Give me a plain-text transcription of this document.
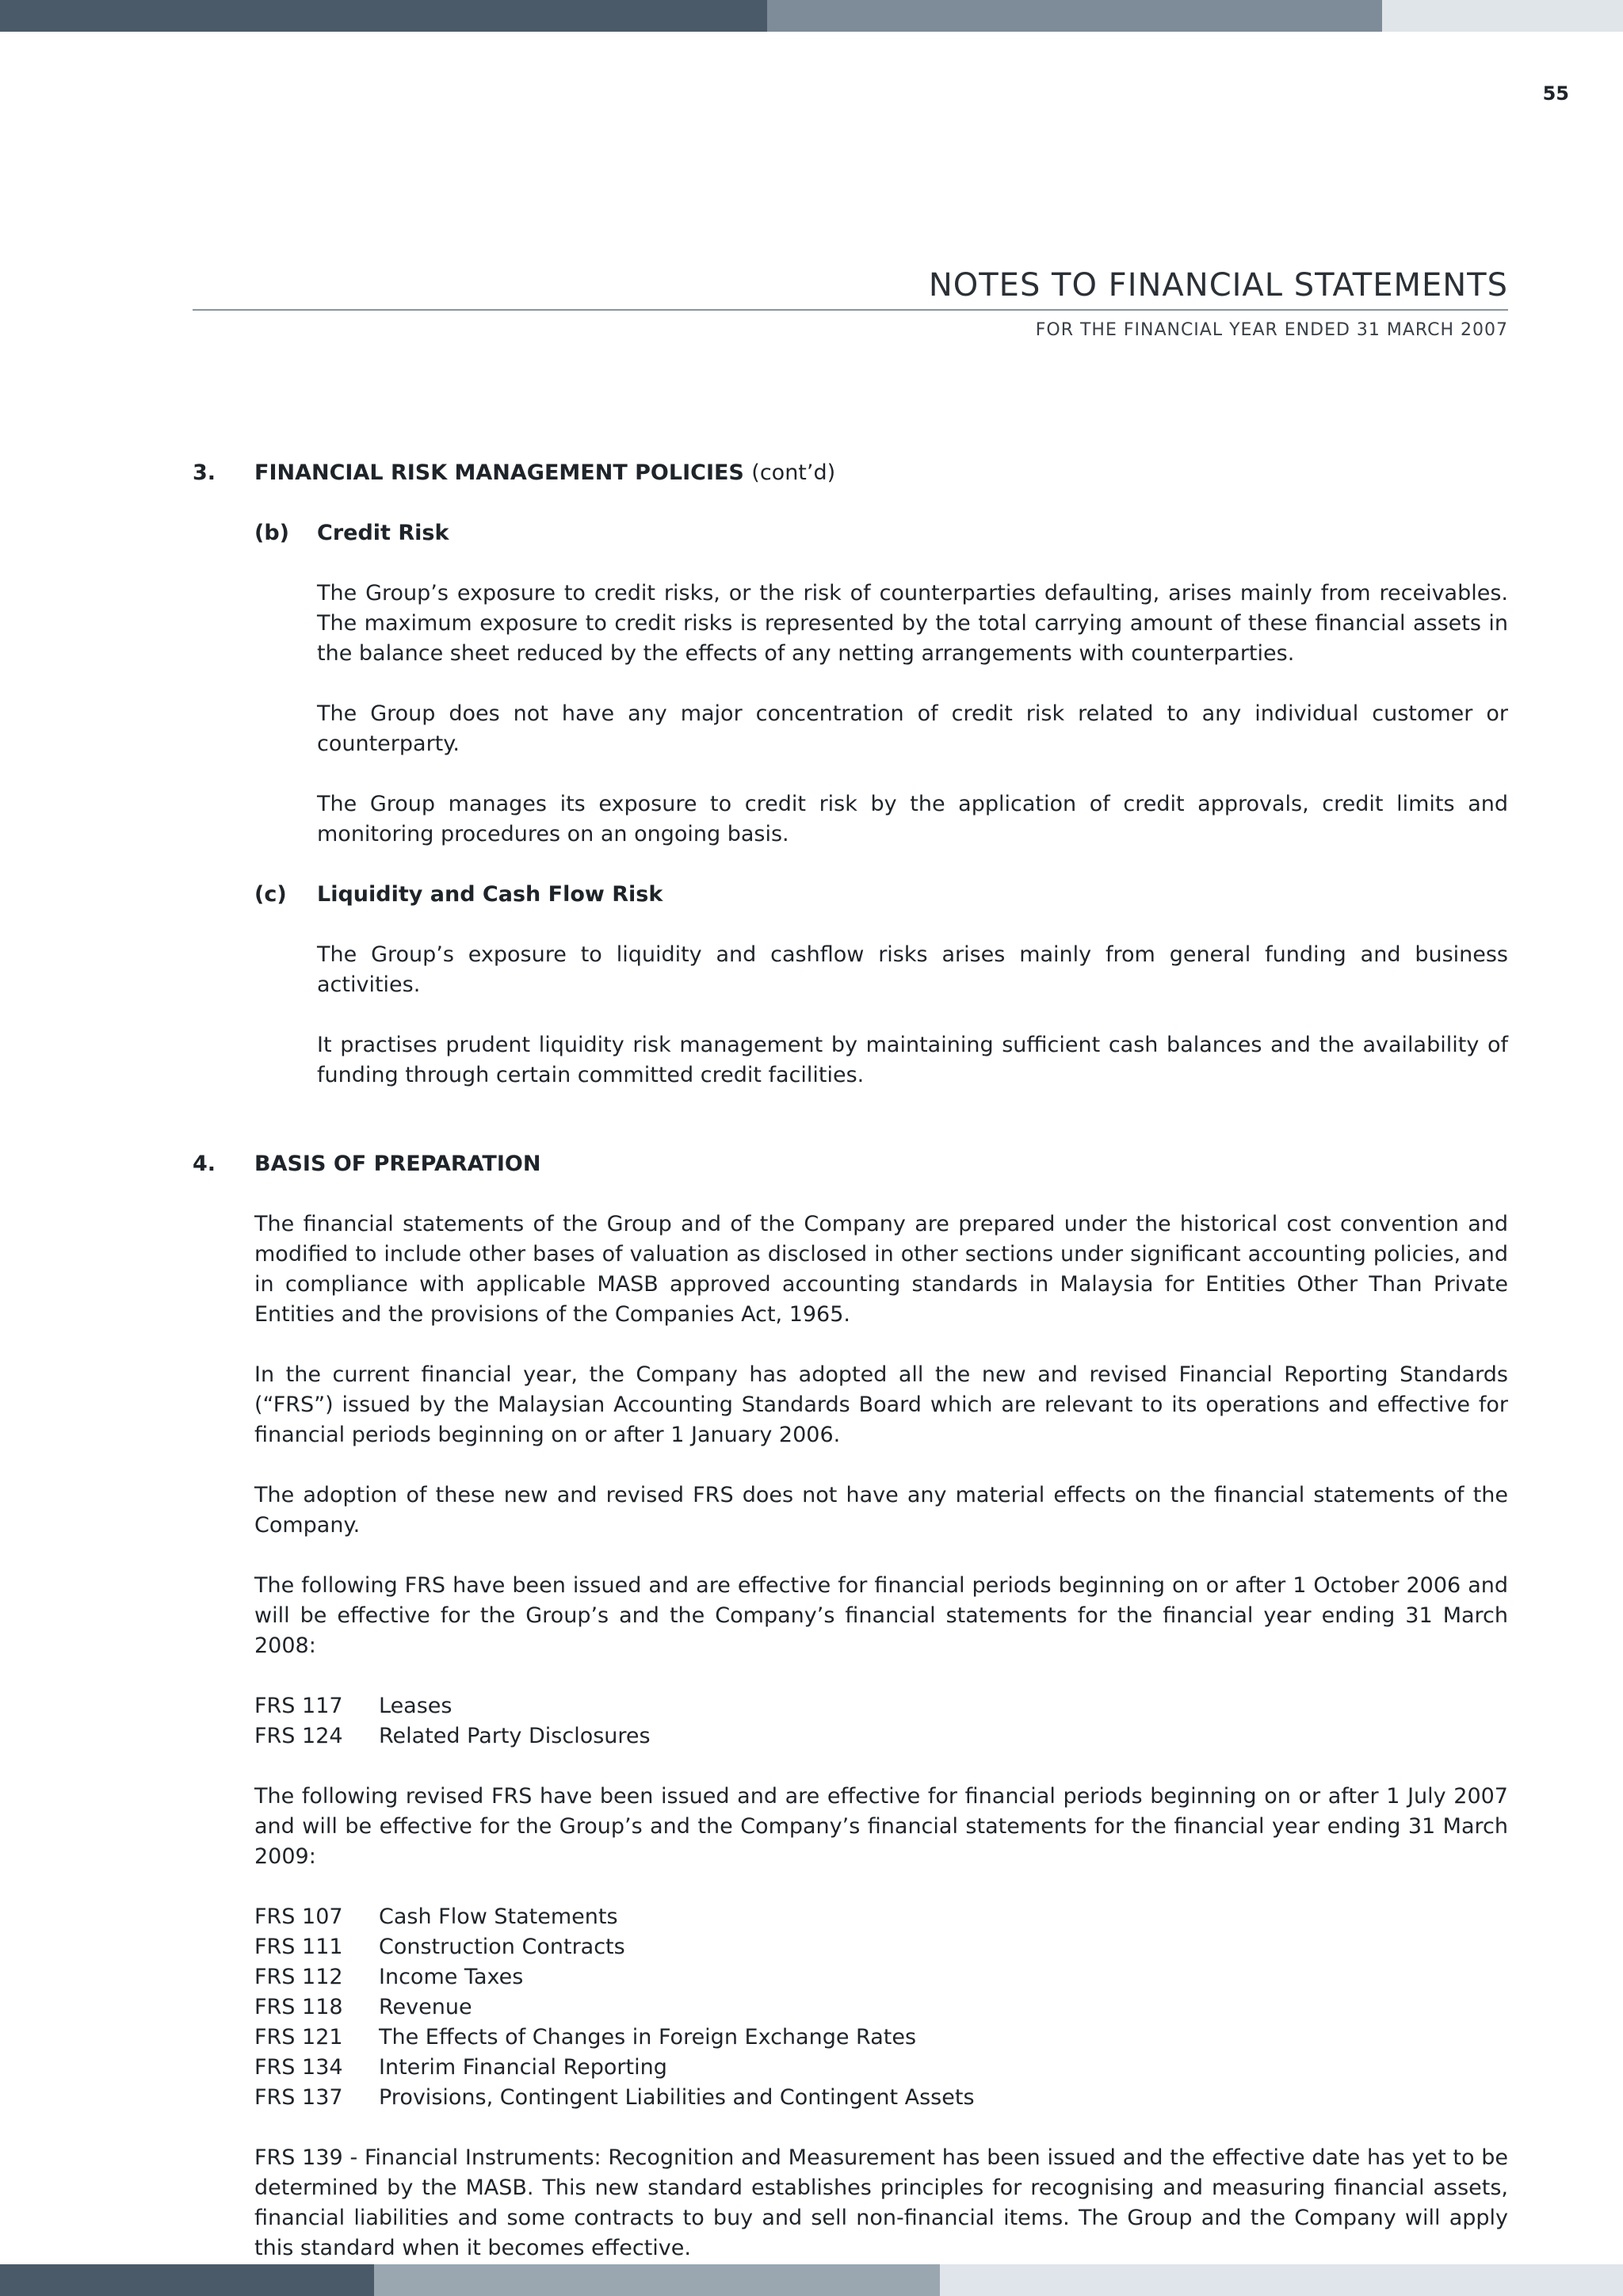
55
NOTES TO FINANCIAL STATEMENTS
FOR THE FINANCIAL YEAR ENDED 31 MARCH 2007
3. FINANCIAL RISK MANAGEMENT POLICIES (cont’d)
(b) Credit Risk

The Group’s exposure to credit risks, or the risk of counterparties defaulting, arises mainly from receivables. The maximum exposure to credit risks is represented by the total carrying amount of these financial assets in the balance sheet reduced by the effects of any netting arrangements with counterparties.

The Group does not have any major concentration of credit risk related to any individual customer or counterparty.

The Group manages its exposure to credit risk by the application of credit approvals, credit limits and monitoring procedures on an ongoing basis.

(c) Liquidity and Cash Flow Risk

The Group’s exposure to liquidity and cashflow risks arises mainly from general funding and business activities.

It practises prudent liquidity risk management by maintaining sufficient cash balances and the availability of funding through certain committed credit facilities.

4. BASIS OF PREPARATION

The financial statements of the Group and of the Company are prepared under the historical cost convention and modified to include other bases of valuation as disclosed in other sections under significant accounting policies, and in compliance with applicable MASB approved accounting standards in Malaysia for Entities Other Than Private Entities and the provisions of the Companies Act, 1965.

In the current financial year, the Company has adopted all the new and revised Financial Reporting Standards (“FRS”) issued by the Malaysian Accounting Standards Board which are relevant to its operations and effective for financial periods beginning on or after 1 January 2006.

The adoption of these new and revised FRS does not have any material effects on the financial statements of the Company.

The following FRS have been issued and are effective for financial periods beginning on or after 1 October 2006 and will be effective for the Group’s and the Company’s financial statements for the financial year ending 31 March 2008:

FRS 117	Leases
FRS 124	Related Party Disclosures

The following revised FRS have been issued and are effective for financial periods beginning on or after 1 July 2007 and will be effective for the Group’s and the Company’s financial statements for the financial year ending 31 March 2009:

FRS 107	Cash Flow Statements
FRS 111	Construction Contracts
FRS 112	Income Taxes
FRS 118	Revenue
FRS 121	The Effects of Changes in Foreign Exchange Rates
FRS 134	Interim Financial Reporting
FRS 137	Provisions, Contingent Liabilities and Contingent Assets

FRS 139 - Financial Instruments: Recognition and Measurement has been issued and the effective date has yet to be determined by the MASB. This new standard establishes principles for recognising and measuring financial assets, financial liabilities and some contracts to buy and sell non-financial items. The Group and the Company will apply this standard when it becomes effective.
